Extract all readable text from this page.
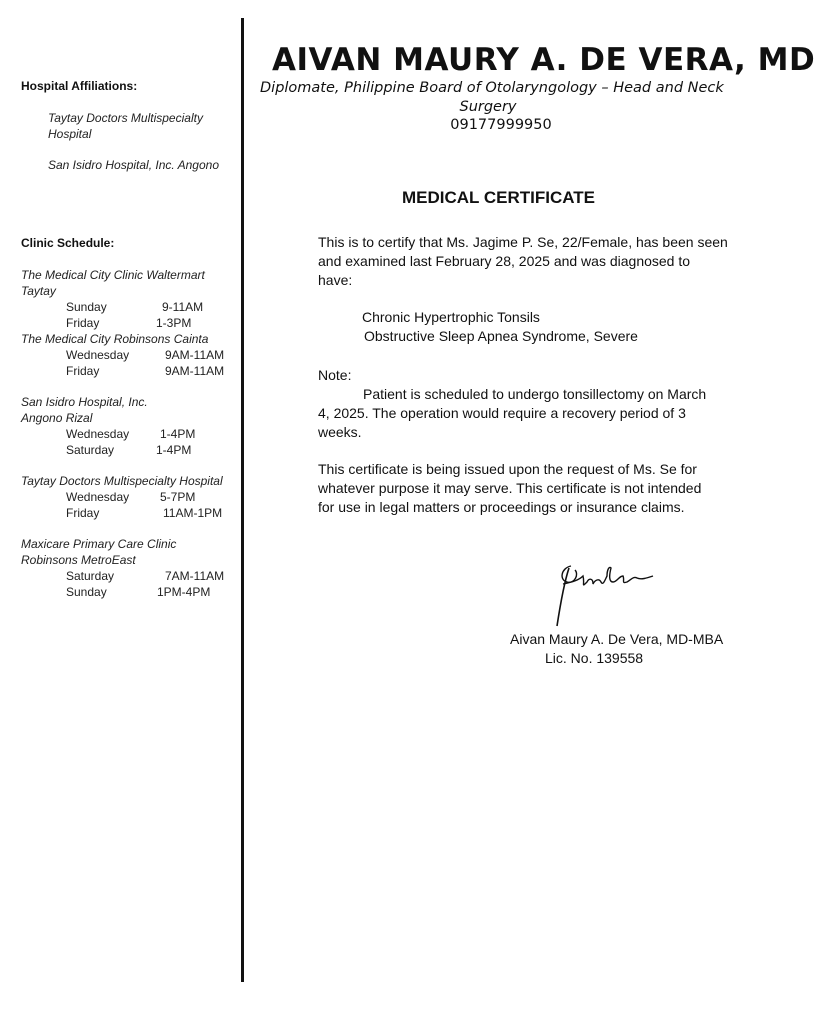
Hospital Affiliations:
Taytay Doctors Multispecialty
Hospital
San Isidro Hospital, Inc. Angono
Clinic Schedule:
The Medical City Clinic Waltermart Taytay
Sunday	9-11AM
Friday	1-3PM
The Medical City Robinsons Cainta
Wednesday	9AM-11AM
Friday	9AM-11AM
San Isidro Hospital, Inc.
Angono Rizal
Wednesday	1-4PM
Saturday	1-4PM
Taytay Doctors Multispecialty Hospital
Wednesday	5-7PM
Friday	11AM-1PM
Maxicare Primary Care Clinic
Robinsons MetroEast
Saturday	7AM-11AM
Sunday	1PM-4PM
AIVAN MAURY A. DE VERA, MD
Diplomate, Philippine Board of Otolaryngology – Head and Neck
Surgery
09177999950
MEDICAL CERTIFICATE
This is to certify that Ms. Jagime P. Se, 22/Female, has been seen
and examined last February 28, 2025 and was diagnosed to
have:
Chronic Hypertrophic Tonsils
Obstructive Sleep Apnea Syndrome, Severe
Note:
Patient is scheduled to undergo tonsillectomy on March
4, 2025. The operation would require a recovery period of 3
weeks.
This certificate is being issued upon the request of Ms. Se for
whatever purpose it may serve. This certificate is not intended
for use in legal matters or proceedings or insurance claims.
Aivan Maury A. De Vera, MD-MBA
Lic. No. 139558
